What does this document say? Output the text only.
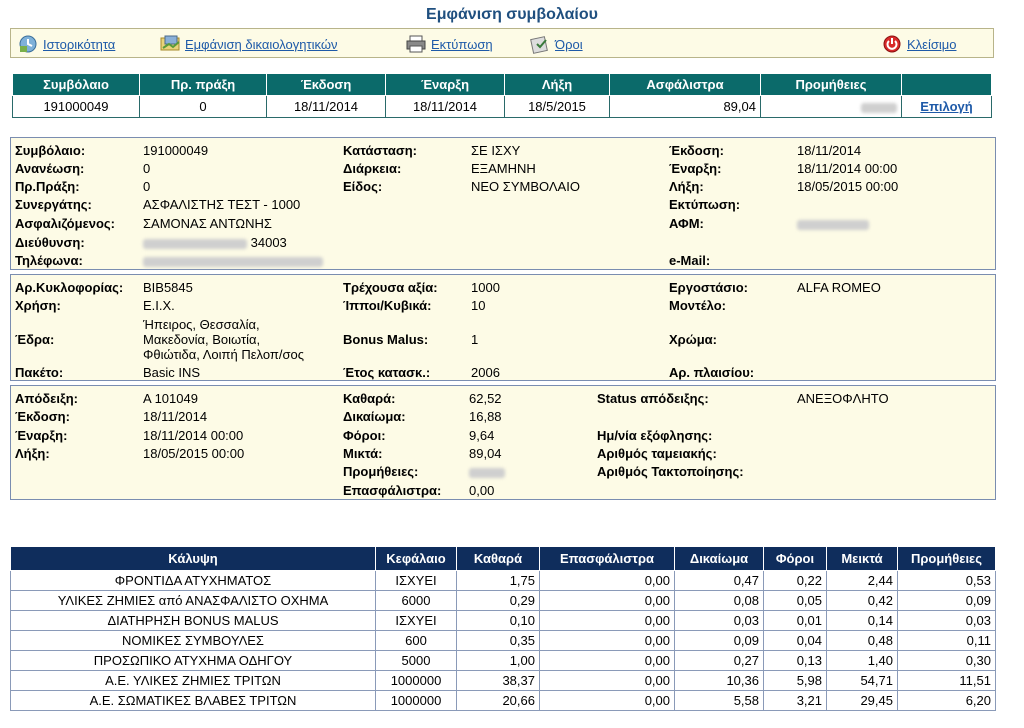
Εμφάνιση συμβολαίου
Ιστορικότητα	Εμφάνιση δικαιολογητικών	Εκτύπωση	Όροι	Κλείσιμο
Συμβόλαιο	Πρ. πράξη	Έκδοση	Έναρξη	Λήξη	Ασφάλιστρα	Προμήθειες	
191000049	0	18/11/2014	18/11/2014	18/5/2015	89,04		Επιλογή
Συμβόλαιο:	191000049
Ανανέωση:	0
Πρ.Πράξη:	0
Συνεργάτης:	ΑΣΦΑΛΙΣΤΗΣ ΤΕΣΤ - 1000
Ασφαλιζόμενος: ΣΑΜΟΝΑΣ ΑΝΤΩΝΗΣ
Διεύθυνση:	34003
Τηλέφωνα:
Κατάσταση:	ΣΕ ΙΣΧΥ
Διάρκεια:	ΕΞΑΜΗΝΗ
Είδος:	ΝΕΟ ΣΥΜΒΟΛΑΙΟ
Έκδοση:	18/11/2014
Έναρξη:	18/11/2014 00:00
Λήξη:	18/05/2015 00:00
Εκτύπωση:
ΑΦΜ:
e-Mail:
Αρ.Κυκλοφορίας: BIB5845
Χρήση:	Ε.Ι.Χ.
Ήπειρος, Θεσσαλία,
Έδρα:	Μακεδονία, Βοιωτία,
Φθιώτιδα, Λοιπή Πελοπ/σος
Πακέτο:	Basic INS
Τρέχουσα αξία:	1000
Ίπποι/Κυβικά:	10
Bonus Malus:	1
Έτος κατασκ.:	2006
Εργοστάσιο:	ALFA ROMEO
Μοντέλο:
Χρώμα:
Αρ. πλαισίου:
Απόδειξη:	Α 101049
Έκδοση:	18/11/2014
Έναρξη:	18/11/2014 00:00
Λήξη:	18/05/2015 00:00
Καθαρά:	62,52
Δικαίωμα:	16,88
Φόροι:	9,64
Μικτά:	89,04
Προμήθειες:
Επασφάλιστρα: 0,00
Status απόδειξης:	ΑΝΕΞΟΦΛΗΤΟ
Ημ/νία εξόφλησης:
Αριθμός ταμειακής:
Αριθμός Τακτοποίησης:
Κάλυψη	Κεφάλαιο	Καθαρά	Επασφάλιστρα	Δικαίωμα	Φόροι	Μεικτά	Προμήθειες
ΦΡΟΝΤΙΔΑ ΑΤΥΧΗΜΑΤΟΣ	ΙΣΧΥΕΙ	1,75	0,00	0,47	0,22	2,44	0,53
ΥΛΙΚΕΣ ΖΗΜΙΕΣ από ΑΝΑΣΦΑΛΙΣΤΟ ΟΧΗΜΑ	6000	0,29	0,00	0,08	0,05	0,42	0,09
ΔΙΑΤΗΡΗΣΗ BONUS MALUS	ΙΣΧΥΕΙ	0,10	0,00	0,03	0,01	0,14	0,03
ΝΟΜΙΚΕΣ ΣΥΜΒΟΥΛΕΣ	600	0,35	0,00	0,09	0,04	0,48	0,11
ΠΡΟΣΩΠΙΚΟ ΑΤΥΧΗΜΑ ΟΔΗΓΟΥ	5000	1,00	0,00	0,27	0,13	1,40	0,30
Α.Ε. ΥΛΙΚΕΣ ΖΗΜΙΕΣ ΤΡΙΤΩΝ	1000000	38,37	0,00	10,36	5,98	54,71	11,51
Α.Ε. ΣΩΜΑΤΙΚΕΣ ΒΛΑΒΕΣ ΤΡΙΤΩΝ	1000000	20,66	0,00	5,58	3,21	29,45	6,20
